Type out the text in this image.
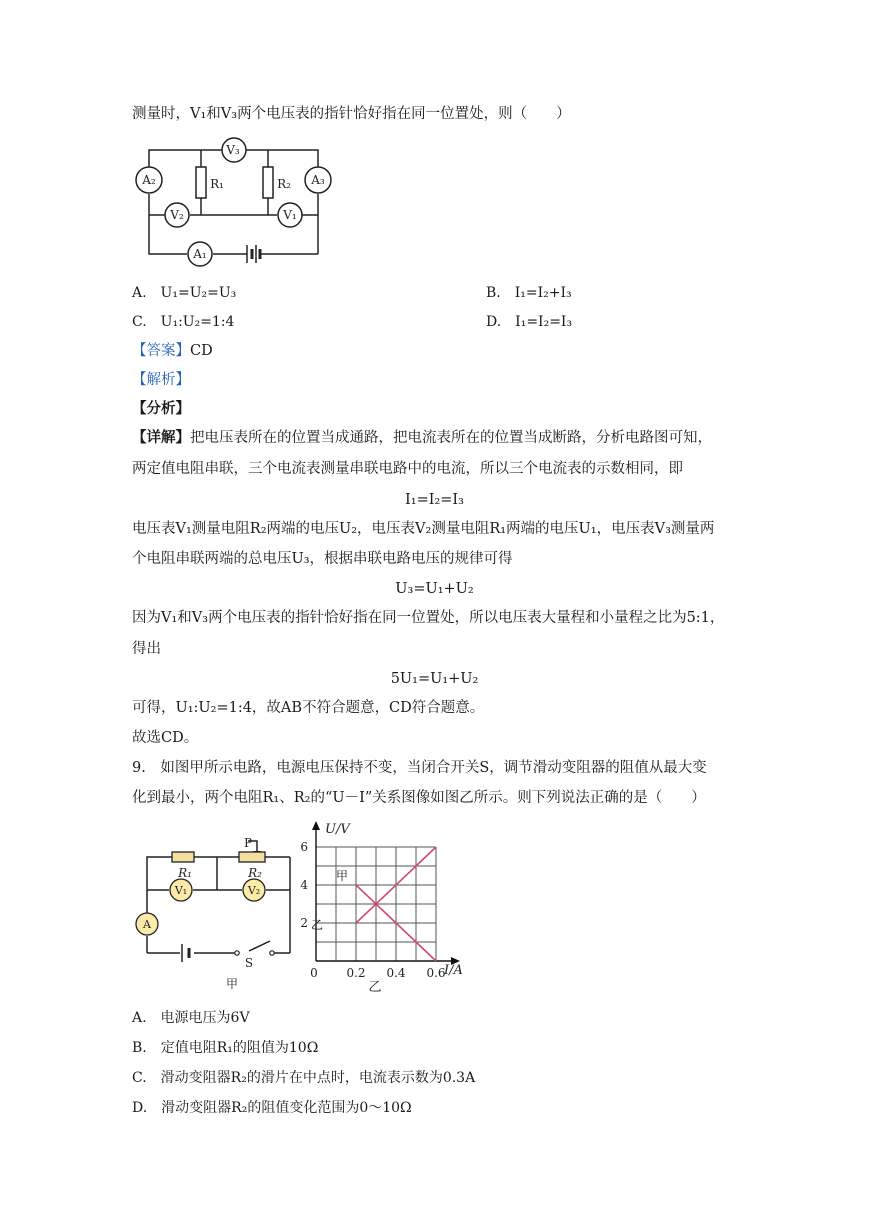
测量时，V₁和V₃两个电压表的指针恰好指在同一位置处，则（　　）
V₃
A₂	A₃
V₂	V₁
A₁
R₁	R₂
A.　U₁=U₂=U₃	B.　I₁=I₂+I₃
C.　U₁:U₂=1:4	D.　I₁=I₂=I₃
【答案】CD
【解析】
【分析】
【详解】把电压表所在的位置当成通路，把电流表所在的位置当成断路，分析电路图可知，
两定值电阻串联，三个电流表测量串联电路中的电流，所以三个电流表的示数相同，即
I₁=I₂=I₃
电压表V₁测量电阻R₂两端的电压U₂，电压表V₂测量电阻R₁两端的电压U₁，电压表V₃测量两
个电阻串联两端的总电压U₃，根据串联电路电压的规律可得
U₃=U₁+U₂
因为V₁和V₃两个电压表的指针恰好指在同一位置处，所以电压表大量程和小量程之比为5:1，
得出
5U₁=U₁+U₂
可得，U₁:U₂=1:4，故AB不符合题意，CD符合题意。
故选CD。
9.　如图甲所示电路，电源电压保持不变，当闭合开关S，调节滑动变阻器的阻值从最大变
化到最小，两个电阻R₁、R₂的“U－I”关系图像如图乙所示。则下列说法正确的是（　　）
P
R₁	R₂
V₁	V₂
A
S
甲
0 0.2 0.4 0.6
2
4
6
U/V
I/A
甲
乙
乙
A.　电源电压为6V
B.　定值电阻R₁的阻值为10Ω
C.　滑动变阻器R₂的滑片在中点时，电流表示数为0.3A
D.　滑动变阻器R₂的阻值变化范围为0～10Ω
